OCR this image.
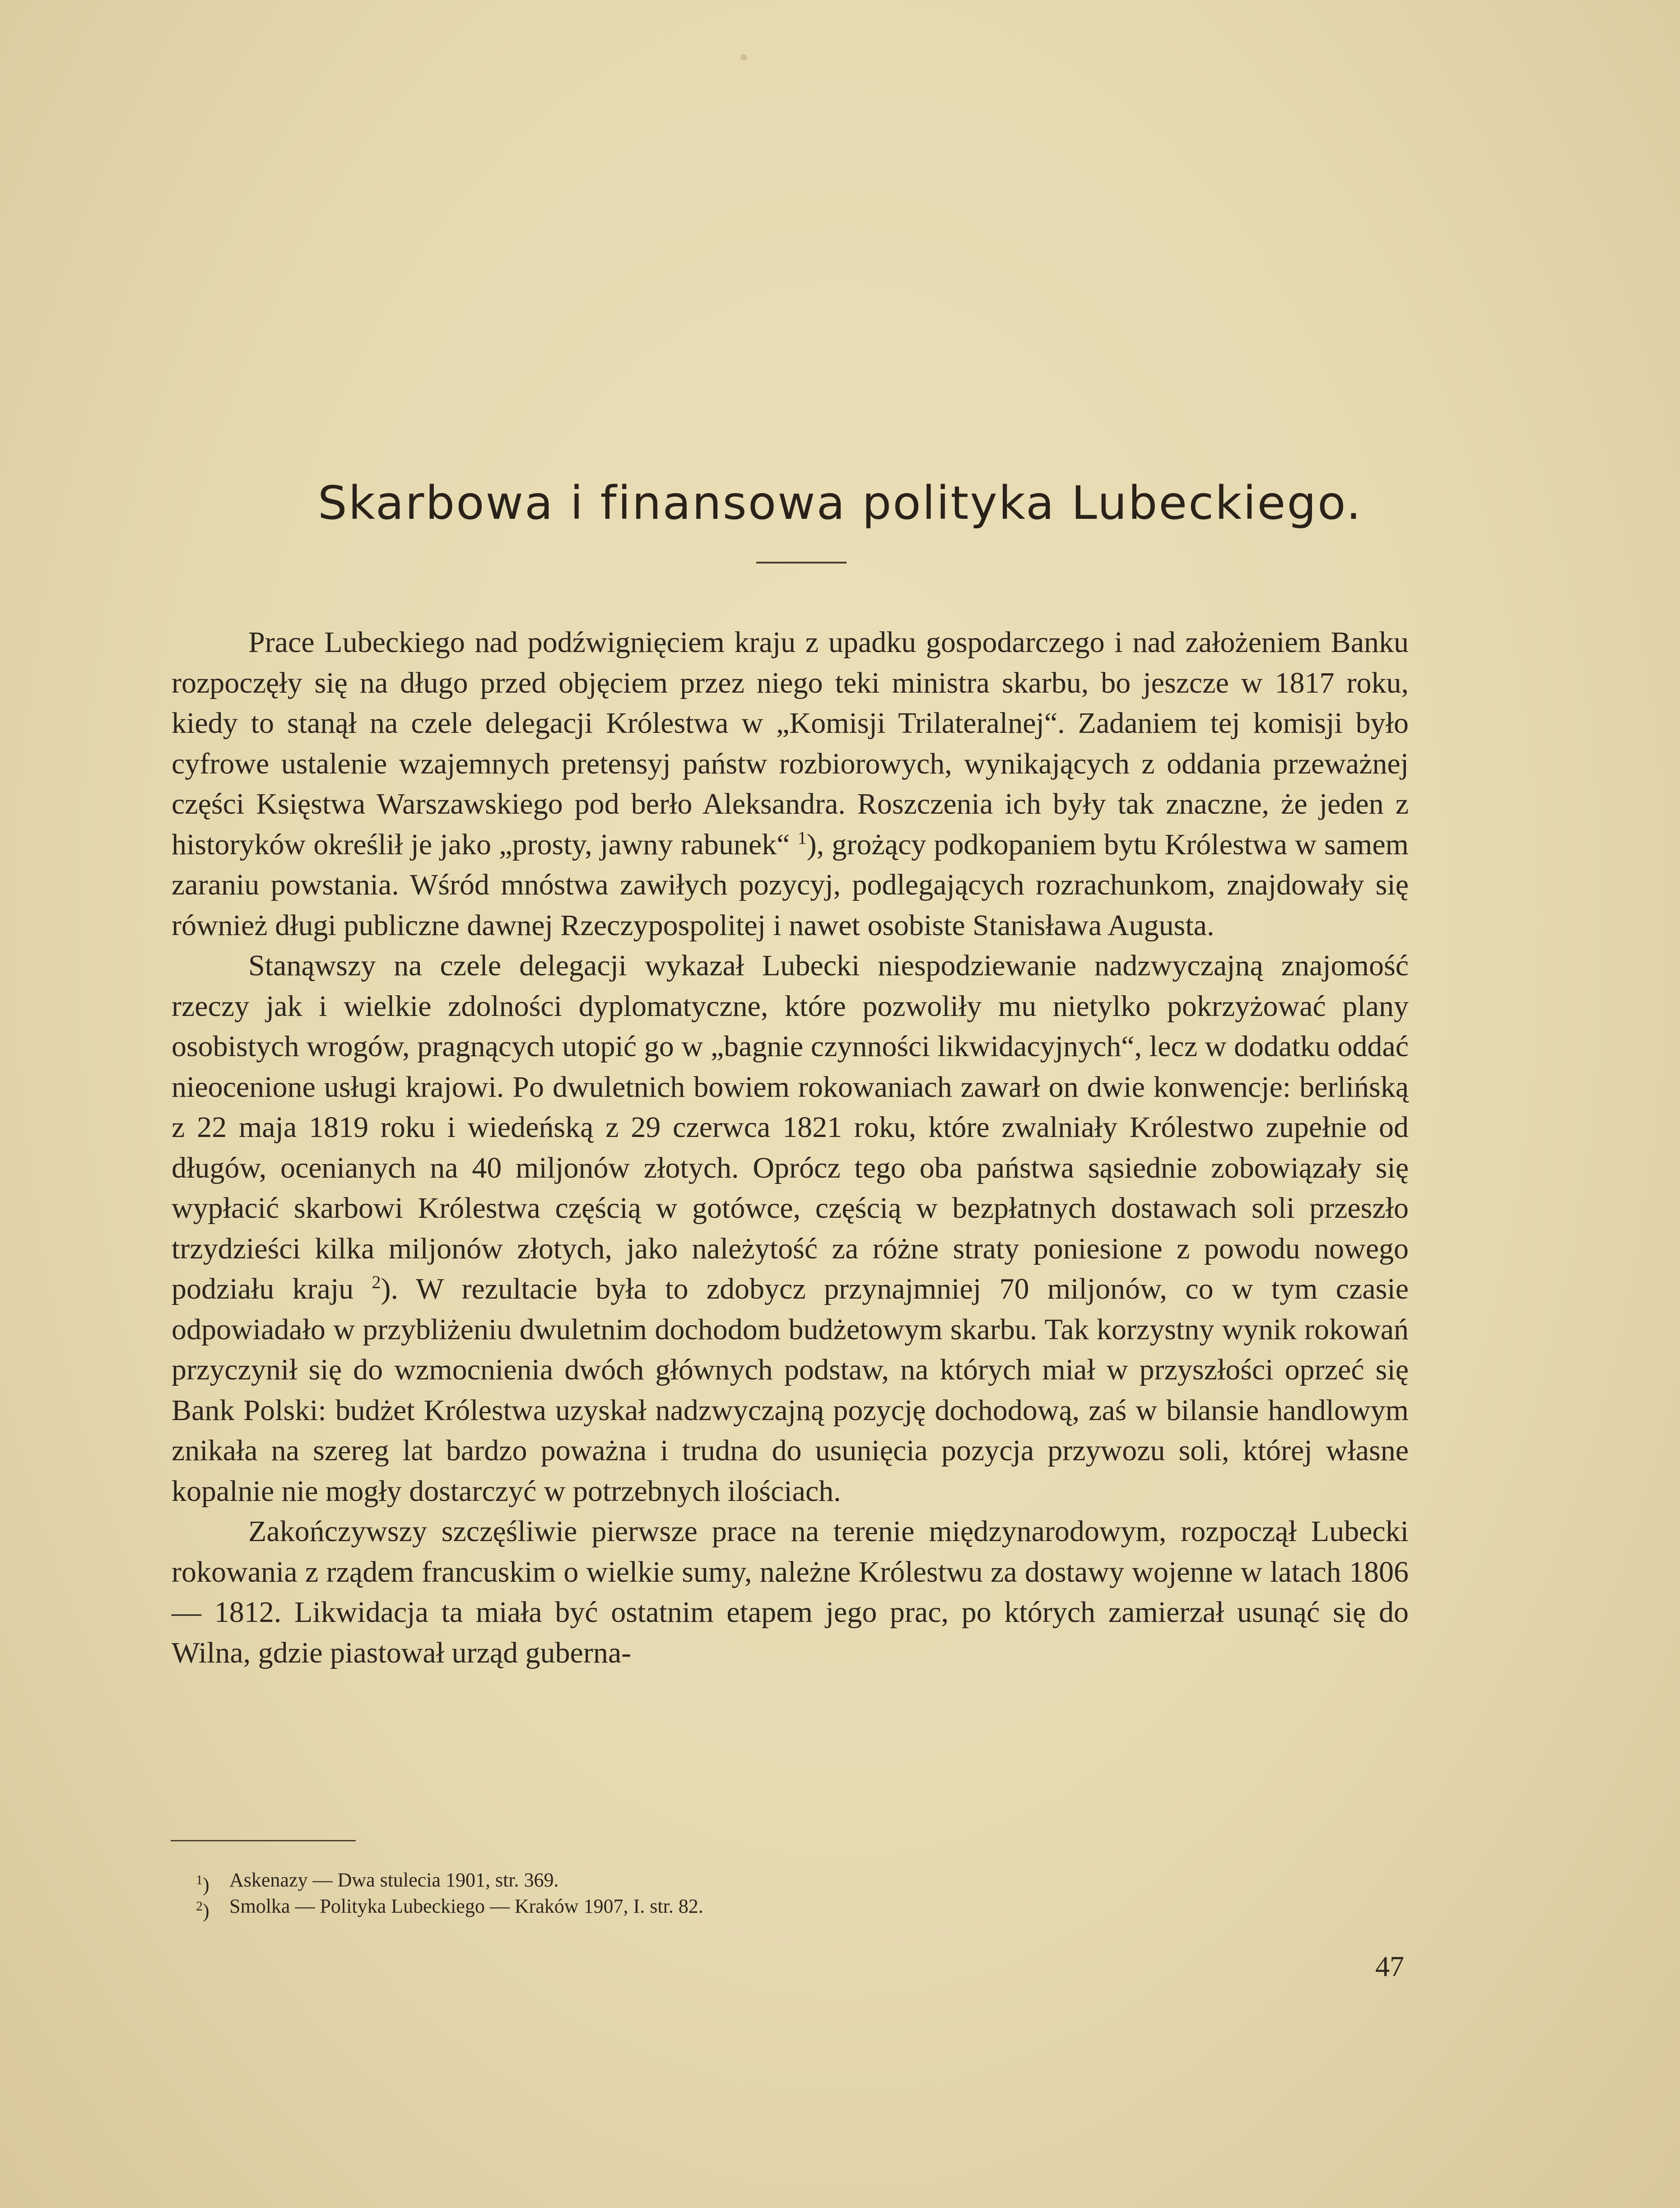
Skarbowa i finansowa polityka Lubeckiego.

Prace Lubeckiego nad podźwignięciem kraju z upadku gospodarczego i nad założeniem Banku rozpoczęły się na długo przed objęciem przez niego teki ministra skarbu, bo jeszcze w 1817 roku, kiedy to stanął na czele delegacji Królestwa w „Komisji Trilateralnej“. Zadaniem tej komisji było cyfrowe ustalenie wzajemnych pretensyj państw rozbiorowych, wynikających z oddania przeważnej części Księstwa Warszawskiego pod berło Aleksandra. Roszczenia ich były tak znaczne, że jeden z historyków określił je jako „prosty, jawny rabunek“ $^1$), grożący podkopaniem bytu Królestwa w samem zaraniu powstania. Wśród mnóstwa zawiłych pozycyj, podlegających rozrachunkom, znajdowały się również długi publiczne dawnej Rzeczypospolitej i nawet osobiste Stanisława Augusta.

Stanąwszy na czele delegacji wykazał Lubecki niespodziewanie nadzwyczajną znajomość rzeczy jak i wielkie zdolności dyplomatyczne, które pozwoliły mu nietylko pokrzyżować plany osobistych wrogów, pragnących utopić go w „bagnie czynności likwidacyjnych“, lecz w dodatku oddać nieocenione usługi krajowi. Po dwuletnich bowiem rokowaniach zawarł on dwie konwencje: berlińską z 22 maja 1819 roku i wiedeńską z 29 czerwca 1821 roku, które zwalniały Królestwo zupełnie od długów, ocenianych na 40 miljonów złotych. Oprócz tego oba państwa sąsiednie zobowiązały się wypłacić skarbowi Królestwa częścią w gotówce, częścią w bezpłatnych dostawach soli przeszło trzydzieści kilka miljonów złotych, jako należytość za różne straty poniesione z powodu nowego podziału kraju $^2$). W rezultacie była to zdobycz przynajmniej 70 miljonów, co w tym czasie odpowiadało w przybliżeniu dwuletnim dochodom budżetowym skarbu. Tak korzystny wynik rokowań przyczynił się do wzmocnienia dwóch głównych podstaw, na których miał w przyszłości oprzeć się Bank Polski: budżet Królestwa uzyskał nadzwyczajną pozycję dochodową, zaś w bilansie handlowym znikała na szereg lat bardzo poważna i trudna do usunięcia pozycja przywozu soli, której własne kopalnie nie mogły dostarczyć w potrzebnych ilościach.

Zakończywszy szczęśliwie pierwsze prace na terenie międzynarodowym, rozpoczął Lubecki rokowania z rządem francuskim o wielkie sumy, należne Królestwu za dostawy wojenne w latach 1806 — 1812. Likwidacja ta miała być ostatnim etapem jego prac, po których zamierzał usunąć się do Wilna, gdzie piastował urząd guberna-

$^1$) Askenazy — Dwa stulecia 1901, str. 369.
$^2$) Smolka — Polityka Lubeckiego — Kraków 1907, I. str. 82.
47
